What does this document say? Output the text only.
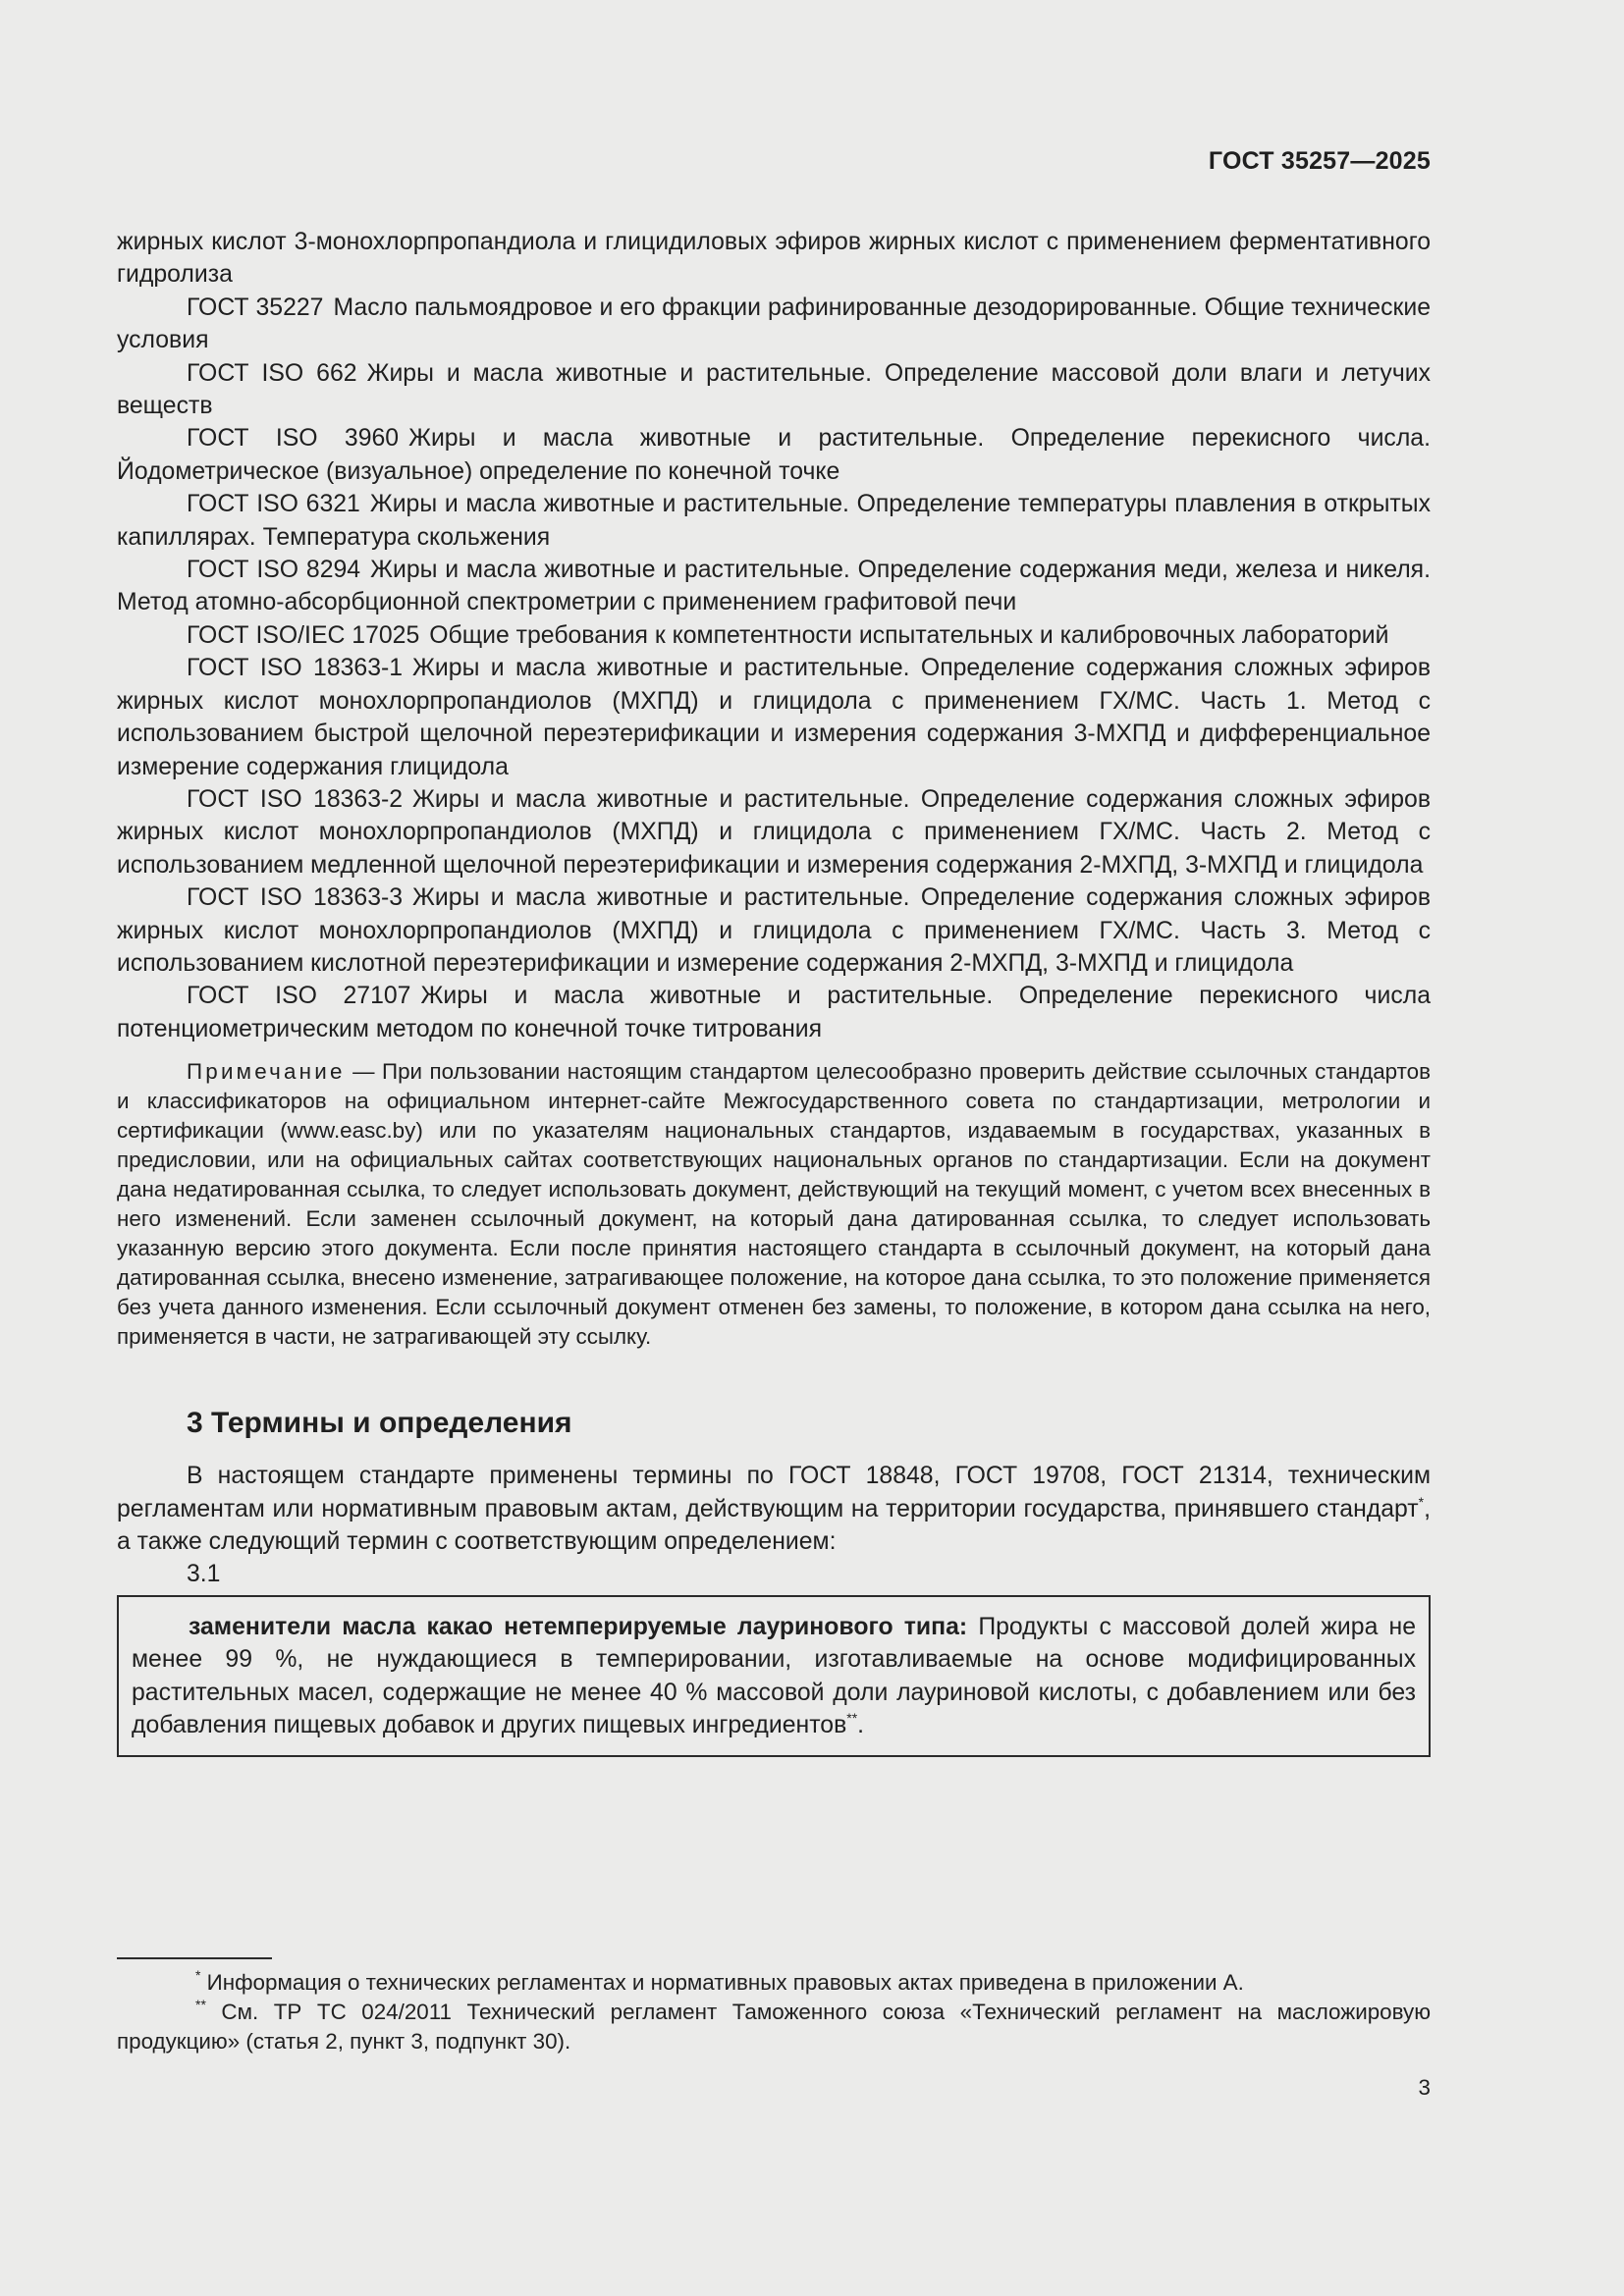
ГОСТ 35257—2025

жирных кислот 3-монохлорпропандиола и глицидиловых эфиров жирных кислот с применением ферментативного гидролиза

ГОСТ 35227 Масло пальмоядровое и его фракции рафинированные дезодорированные. Общие технические условия

ГОСТ ISO 662 Жиры и масла животные и растительные. Определение массовой доли влаги и летучих веществ

ГОСТ ISO 3960 Жиры и масла животные и растительные. Определение перекисного числа. Йодометрическое (визуальное) определение по конечной точке

ГОСТ ISO 6321 Жиры и масла животные и растительные. Определение температуры плавления в открытых капиллярах. Температура скольжения

ГОСТ ISO 8294 Жиры и масла животные и растительные. Определение содержания меди, железа и никеля. Метод атомно-абсорбционной спектрометрии с применением графитовой печи

ГОСТ ISO/IEC 17025 Общие требования к компетентности испытательных и калибровочных лабораторий

ГОСТ ISO 18363-1 Жиры и масла животные и растительные. Определение содержания сложных эфиров жирных кислот монохлорпропандиолов (МХПД) и глицидола с применением ГХ/МС. Часть 1. Метод с использованием быстрой щелочной переэтерификации и измерения содержания 3-МХПД и дифференциальное измерение содержания глицидола

ГОСТ ISO 18363-2 Жиры и масла животные и растительные. Определение содержания сложных эфиров жирных кислот монохлорпропандиолов (МХПД) и глицидола с применением ГХ/МС. Часть 2. Метод с использованием медленной щелочной переэтерификации и измерения содержания 2-МХПД, 3-МХПД и глицидола

ГОСТ ISO 18363-3 Жиры и масла животные и растительные. Определение содержания сложных эфиров жирных кислот монохлорпропандиолов (МХПД) и глицидола с применением ГХ/МС. Часть 3. Метод с использованием кислотной переэтерификации и измерение содержания 2-МХПД, 3-МХПД и глицидола

ГОСТ ISO 27107 Жиры и масла животные и растительные. Определение перекисного числа потенциометрическим методом по конечной точке титрования

Примечание — При пользовании настоящим стандартом целесообразно проверить действие ссылочных стандартов и классификаторов на официальном интернет-сайте Межгосударственного совета по стандартизации, метрологии и сертификации (www.easc.by) или по указателям национальных стандартов, издаваемым в государствах, указанных в предисловии, или на официальных сайтах соответствующих национальных органов по стандартизации. Если на документ дана недатированная ссылка, то следует использовать документ, действующий на текущий момент, с учетом всех внесенных в него изменений. Если заменен ссылочный документ, на который дана датированная ссылка, то следует использовать указанную версию этого документа. Если после принятия настоящего стандарта в ссылочный документ, на который дана датированная ссылка, внесено изменение, затрагивающее положение, на которое дана ссылка, то это положение применяется без учета данного изменения. Если ссылочный документ отменен без замены, то положение, в котором дана ссылка на него, применяется в части, не затрагивающей эту ссылку.

3 Термины и определения

В настоящем стандарте применены термины по ГОСТ 18848, ГОСТ 19708, ГОСТ 21314, техническим регламентам или нормативным правовым актам, действующим на территории государства, принявшего стандарт*, а также следующий термин с соответствующим определением:

3.1

заменители масла какао нетемперируемые лауринового типа: Продукты с массовой долей жира не менее 99 %, не нуждающиеся в темперировании, изготавливаемые на основе модифицированных растительных масел, содержащие не менее 40 % массовой доли лауриновой кислоты, с добавлением или без добавления пищевых добавок и других пищевых ингредиентов**.

* Информация о технических регламентах и нормативных правовых актах приведена в приложении А.

** См. ТР ТС 024/2011 Технический регламент Таможенного союза «Технический регламент на масложировую продукцию» (статья 2, пункт 3, подпункт 30).

3
